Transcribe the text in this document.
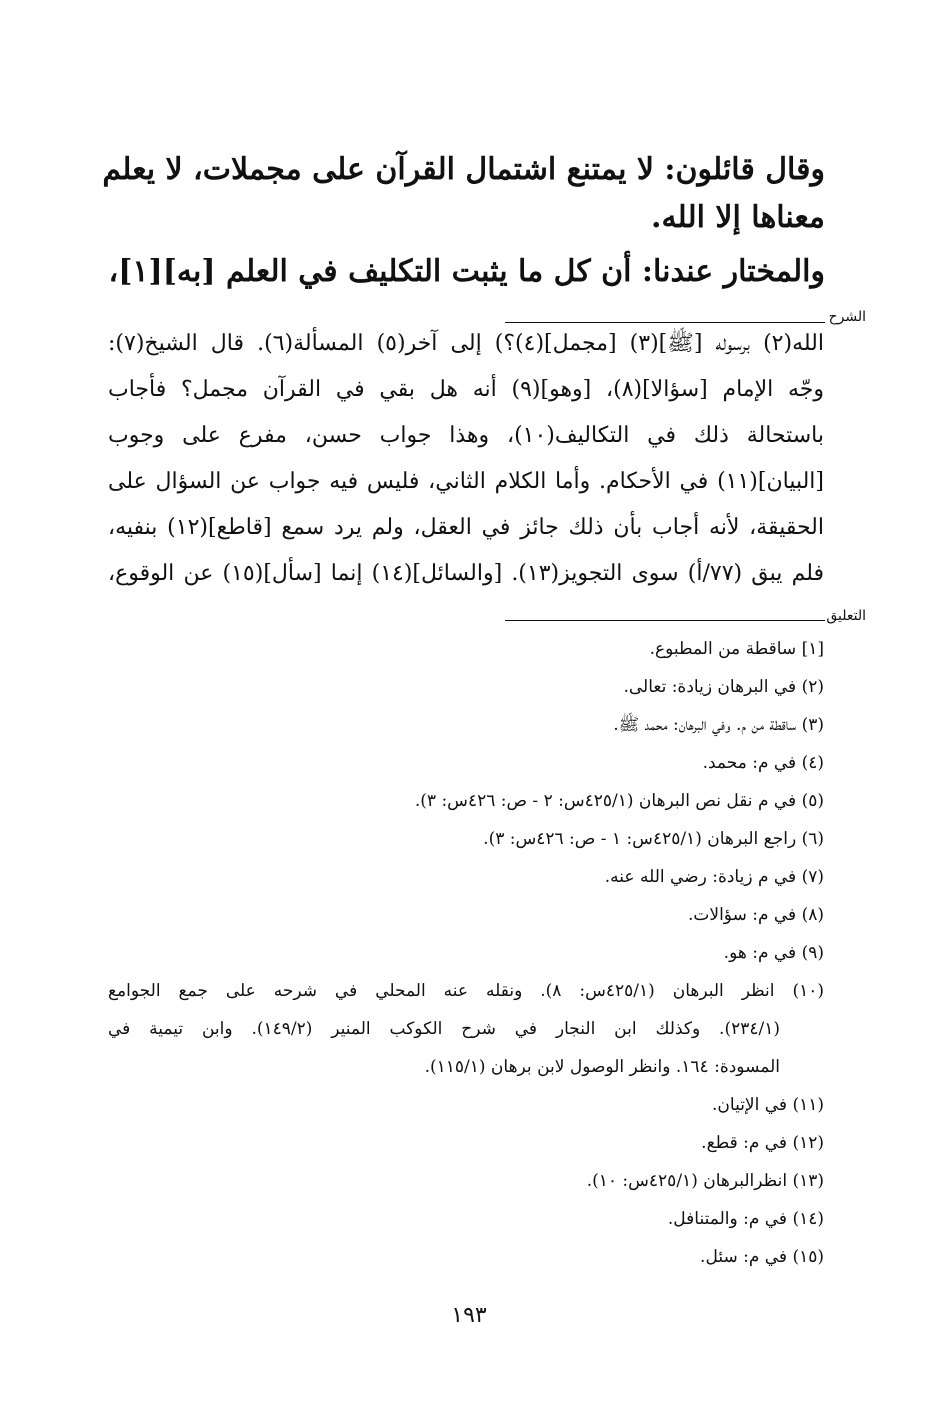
وقال قائلون: لا يمتنع اشتمال القرآن على مجملات، لا يعلم
معناها إلا الله.
والمختار عندنا: أن كل ما يثبت التكليف في العلم [به][١]،
الشرح
الله(٢) برسوله [ﷺ](٣) [مجمل](٤)؟) إلى آخر(٥) المسألة(٦). قال الشيخ(٧):
وجّه الإمام [سؤالا](٨)، [وهو](٩) أنه هل بقي في القرآن مجمل؟ فأجاب
باستحالة ذلك في التكاليف(١٠)، وهذا جواب حسن، مفرع على وجوب
[البيان](١١) في الأحكام. وأما الكلام الثاني، فليس فيه جواب عن السؤال على
الحقيقة، لأنه أجاب بأن ذلك جائز في العقل، ولم يرد سمع [قاطع](١٢) بنفيه،
فلم يبق (٧٧/أ) سوى التجويز(١٣). [والسائل](١٤) إنما [سأل](١٥) عن الوقوع،
التعليق
[١] ساقطة من المطبوع.
(٢) في البرهان زيادة: تعالى.
(٣) ساقطة من م. وفي البرهان: محمد ﷺ.
(٤) في م: محمد.
(٥) في م نقل نص البرهان (٤٢٥/١س: ٢ - ص: ٤٢٦س: ٣).
(٦) راجع البرهان (٤٢٥/١س: ١ - ص: ٤٢٦س: ٣).
(٧) في م زيادة: رضي الله عنه.
(٨) في م: سؤالات.
(٩) في م: هو.
(١٠) انظر البرهان (٤٢٥/١س: ٨). ونقله عنه المحلي في شرحه على جمع الجوامع
(٢٣٤/١). وكذلك ابن النجار في شرح الكوكب المنير (١٤٩/٢). وابن تيمية في
المسودة: ١٦٤. وانظر الوصول لابن برهان (١١٥/١).
(١١) في الإتيان.
(١٢) في م: قطع.
(١٣) انظرالبرهان (٤٢٥/١س: ١٠).
(١٤) في م: والمتنافل.
(١٥) في م: سئل.
١٩٣
